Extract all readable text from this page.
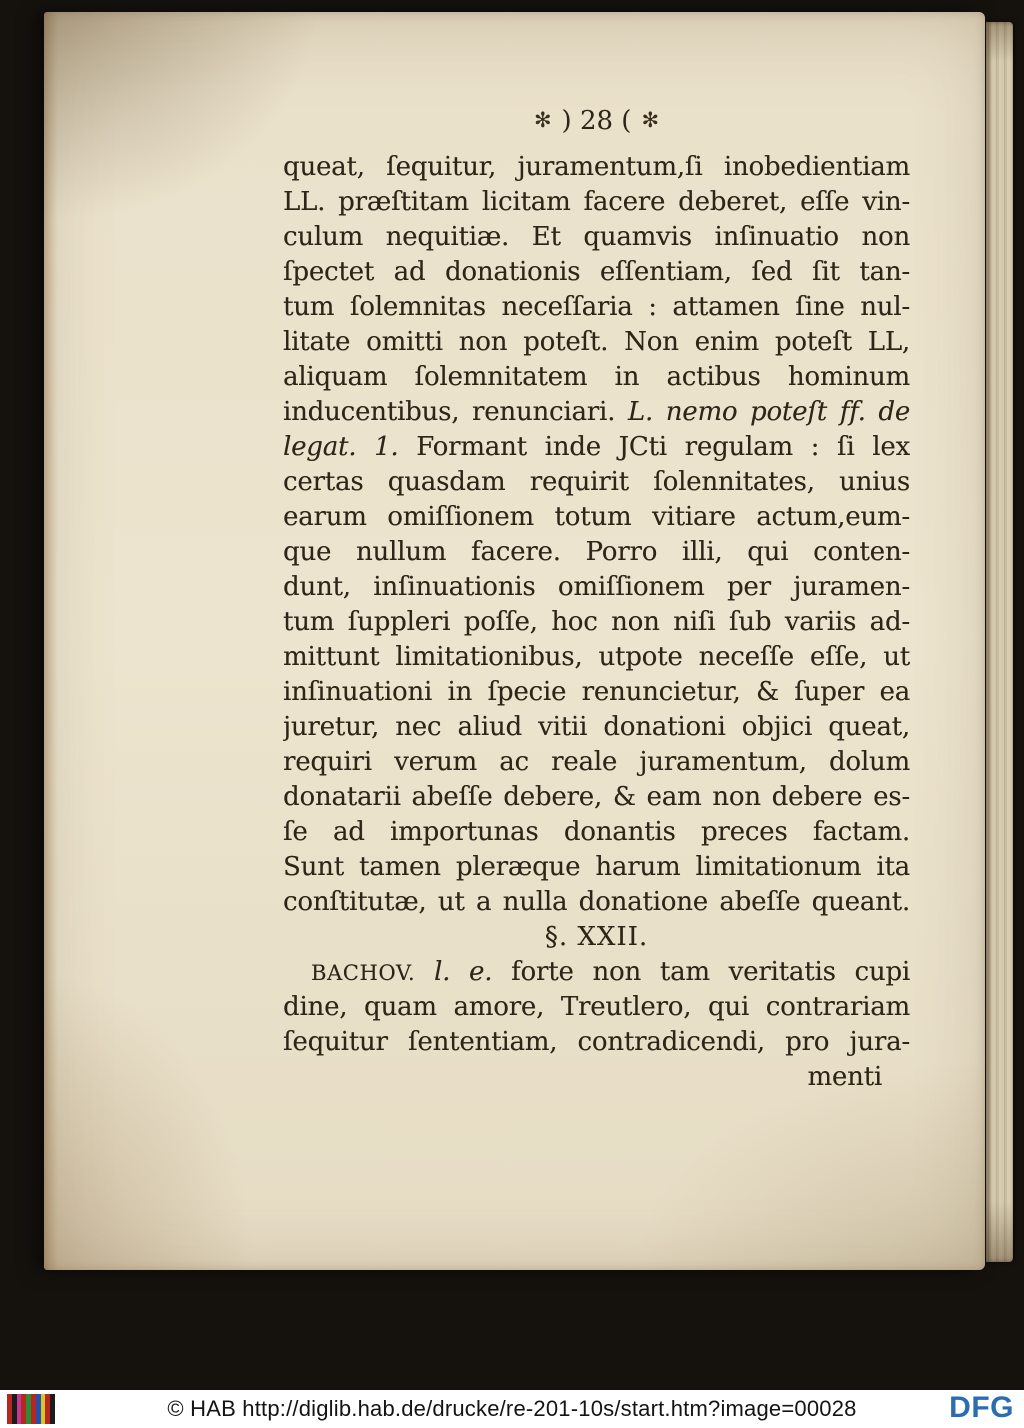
✻ ) 28 ( ✻
queat, ſequitur, juramentum,ſi inobedientiam
LL. præſtitam licitam facere deberet, eſſe vin-
culum nequitiæ. Et quamvis inſinuatio non
ſpectet ad donationis eſſentiam, ſed ſit tan-
tum ſolemnitas neceſſaria : attamen ſine nul-
litate omitti non poteſt. Non enim poteſt LL,
aliquam ſolemnitatem in actibus hominum
inducentibus, renunciari. L. nemo poteſt ff. de
legat. 1. Formant inde JCti regulam : ſi lex
certas quasdam requirit ſolennitates, unius
earum omiſſionem totum vitiare actum,eum-
que nullum facere. Porro illi, qui conten-
dunt, inſinuationis omiſſionem per juramen-
tum ſuppleri poſſe, hoc non niſi ſub variis ad-
mittunt limitationibus, utpote neceſſe eſſe, ut
inſinuationi in ſpecie renuncietur, & ſuper ea
juretur, nec aliud vitii donationi objici queat,
requiri verum ac reale juramentum, dolum
donatarii abeſſe debere, & eam non debere es-
ſe ad importunas donantis preces factam.
Sunt tamen pleræque harum limitationum ita
conſtitutæ, ut a nulla donatione abeſſe queant.
§. XXII.
BACHOV. l. e. forte non tam veritatis cupi
dine, quam amore, Treutlero, qui contrariam
ſequitur ſententiam, contradicendi, pro jura-
menti
© HAB http://diglib.hab.de/drucke/re-201-10s/start.htm?image=00028	DFG
